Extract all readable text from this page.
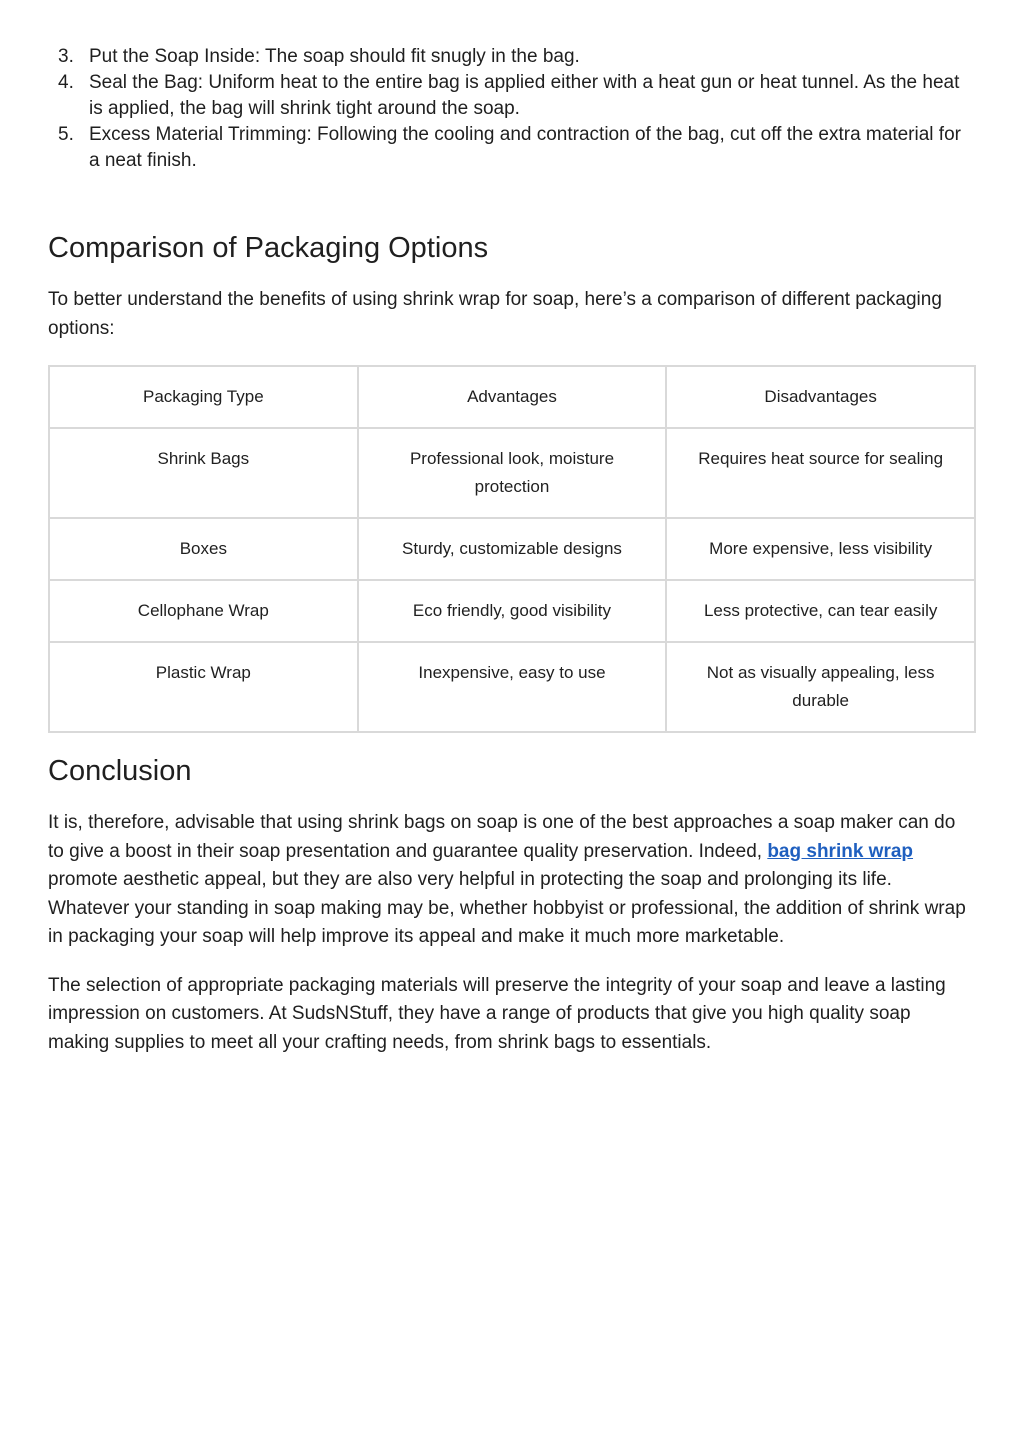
3. Put the Soap Inside: The soap should fit snugly in the bag.
4. Seal the Bag: Uniform heat to the entire bag is applied either with a heat gun or heat tunnel. As the heat is applied, the bag will shrink tight around the soap.
5. Excess Material Trimming: Following the cooling and contraction of the bag, cut off the extra material for a neat finish.
Comparison of Packaging Options

To better understand the benefits of using shrink wrap for soap, here’s a comparison of different packaging options:

Packaging Type	Advantages	Disadvantages
Shrink Bags	Professional look, moisture protection	Requires heat source for sealing
Boxes	Sturdy, customizable designs	More expensive, less visibility
Cellophane Wrap	Eco friendly, good visibility	Less protective, can tear easily
Plastic Wrap	Inexpensive, easy to use	Not as visually appealing, less durable
Conclusion

It is, therefore, advisable that using shrink bags on soap is one of the best approaches a soap maker can do to give a boost in their soap presentation and guarantee quality preservation. Indeed, bag shrink wrap promote aesthetic appeal, but they are also very helpful in protecting the soap and prolonging its life. Whatever your standing in soap making may be, whether hobbyist or professional, the addition of shrink wrap in packaging your soap will help improve its appeal and make it much more marketable.

The selection of appropriate packaging materials will preserve the integrity of your soap and leave a lasting impression on customers. At SudsNStuff, they have a range of products that give you high quality soap making supplies to meet all your crafting needs, from shrink bags to essentials.
